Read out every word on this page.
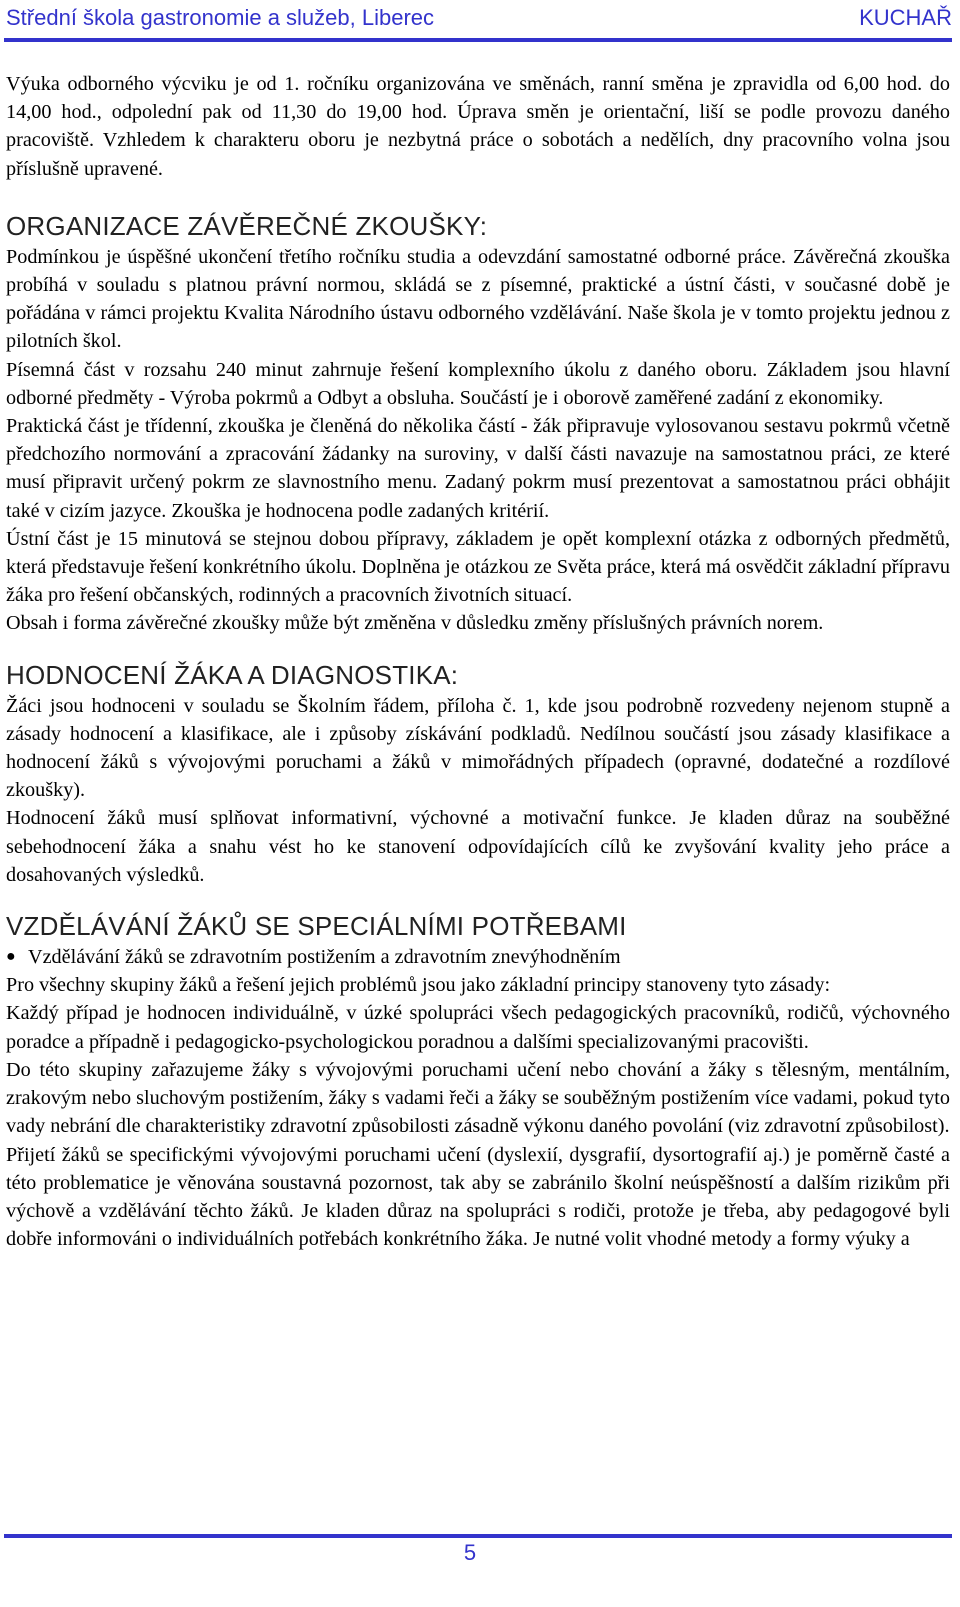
Střední škola gastronomie a služeb, Liberec	KUCHAŘ

Výuka odborného výcviku je od 1. ročníku organizována ve směnách, ranní směna je zpravidla od 6,00 hod. do 14,00 hod., odpolední pak od 11,30 do 19,00 hod. Úprava směn je orientační, liší se podle provozu daného pracoviště. Vzhledem k charakteru oboru je nezbytná práce o sobotách a nedělích, dny pracovního volna jsou příslušně upravené.

ORGANIZACE ZÁVĚREČNÉ ZKOUŠKY:

Podmínkou je úspěšné ukončení třetího ročníku studia a odevzdání samostatné odborné práce. Závěrečná zkouška probíhá v souladu s platnou právní normou, skládá se z písemné, praktické a ústní části, v současné době je pořádána v rámci projektu Kvalita Národního ústavu odborného vzdělávání. Naše škola je v tomto projektu jednou z pilotních škol.

Písemná část v rozsahu 240 minut zahrnuje řešení komplexního úkolu z daného oboru. Základem jsou hlavní odborné předměty - Výroba pokrmů a Odbyt a obsluha. Součástí je i oborově zaměřené zadání z ekonomiky.

Praktická část je třídenní, zkouška je členěná do několika částí - žák připravuje vylosovanou sestavu pokrmů včetně předchozího normování a zpracování žádanky na suroviny, v další části navazuje na samostatnou práci, ze které musí připravit určený pokrm ze slavnostního menu. Zadaný pokrm musí prezentovat a samostatnou práci obhájit také v cizím jazyce. Zkouška je hodnocena podle zadaných kritérií.

Ústní část je 15 minutová se stejnou dobou přípravy, základem je opět komplexní otázka z odborných předmětů, která představuje řešení konkrétního úkolu. Doplněna je otázkou ze Světa práce, která má osvědčit základní přípravu žáka pro řešení občanských, rodinných a pracovních životních situací.

Obsah i forma závěrečné zkoušky může být změněna v důsledku změny příslušných právních norem.

HODNOCENÍ ŽÁKA A DIAGNOSTIKA:

Žáci jsou hodnoceni v souladu se Školním řádem, příloha č. 1, kde jsou podrobně rozvedeny nejenom stupně a zásady hodnocení a klasifikace, ale i způsoby získávání podkladů. Nedílnou součástí jsou zásady klasifikace a hodnocení žáků s vývojovými poruchami a žáků v mimořádných případech (opravné, dodatečné a rozdílové zkoušky).

Hodnocení žáků musí splňovat informativní, výchovné a motivační funkce. Je kladen důraz na souběžné sebehodnocení žáka a snahu vést ho ke stanovení odpovídajících cílů ke zvyšování kvality jeho práce a dosahovaných výsledků.

VZDĚLÁVÁNÍ ŽÁKŮ SE SPECIÁLNÍMI POTŘEBAMI
● Vzdělávání žáků se zdravotním postižením a zdravotním znevýhodněním

Pro všechny skupiny žáků a řešení jejich problémů jsou jako základní principy stanoveny tyto zásady:

Každý případ je hodnocen individuálně, v úzké spolupráci všech pedagogických pracovníků, rodičů, výchovného poradce a případně i pedagogicko-psychologickou poradnou a dalšími specializovanými pracovišti.

Do této skupiny zařazujeme žáky s vývojovými poruchami učení nebo chování a žáky s tělesným, mentálním, zrakovým nebo sluchovým postižením, žáky s vadami řeči a žáky se souběžným postižením více vadami, pokud tyto vady nebrání dle charakteristiky zdravotní způsobilosti zásadně výkonu daného povolání (viz zdravotní způsobilost).

Přijetí žáků se specifickými vývojovými poruchami učení (dyslexií, dysgrafií, dysortografií aj.) je poměrně časté a této problematice je věnována soustavná pozornost, tak aby se zabránilo školní neúspěšností a dalším rizikům při výchově a vzdělávání těchto žáků. Je kladen důraz na spolupráci s rodiči, protože je třeba, aby pedagogové byli dobře informováni o individuálních potřebách konkrétního žáka. Je nutné volit vhodné metody a formy výuky a

5
